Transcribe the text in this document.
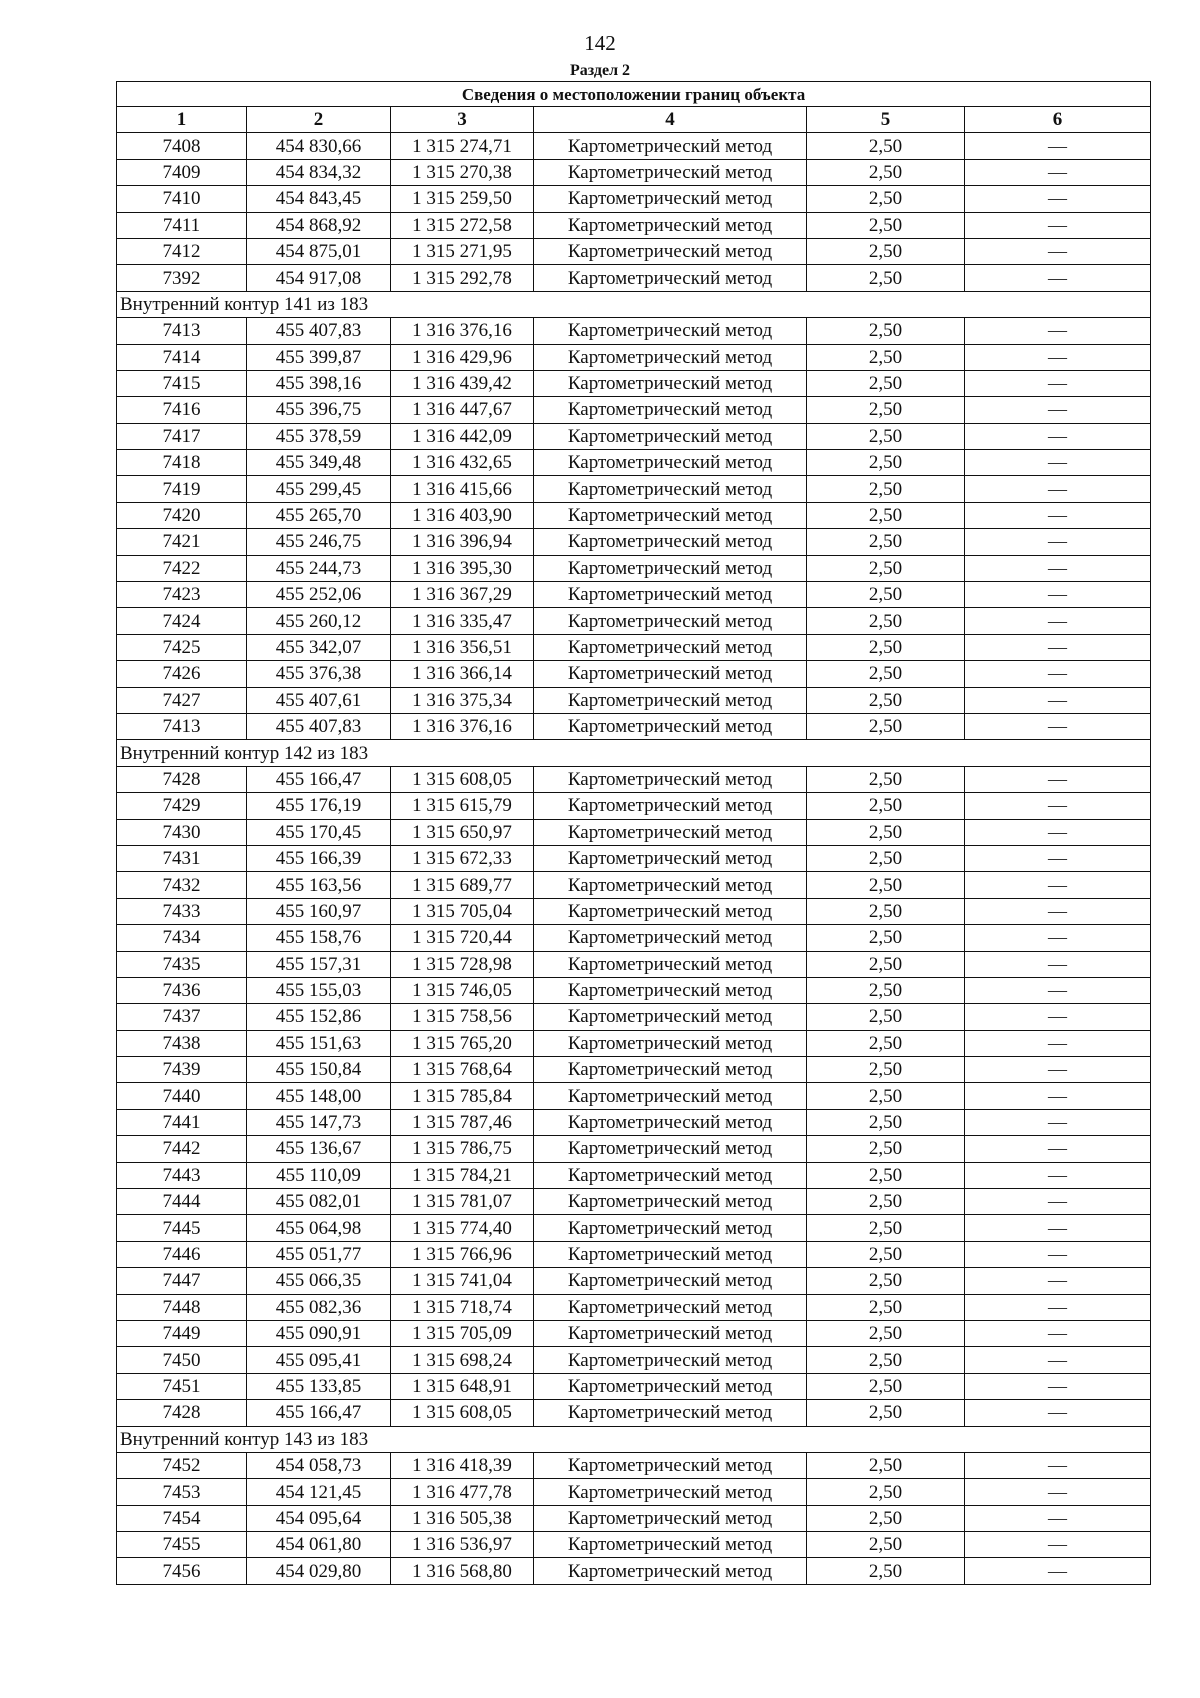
142
Раздел 2
Сведения о местоположении границ объекта					
1	2	3	4	5	6
7408	454 830,66	1 315 274,71	Картометрический метод	2,50	—
7409	454 834,32	1 315 270,38	Картометрический метод	2,50	—
7410	454 843,45	1 315 259,50	Картометрический метод	2,50	—
7411	454 868,92	1 315 272,58	Картометрический метод	2,50	—
7412	454 875,01	1 315 271,95	Картометрический метод	2,50	—
7392	454 917,08	1 315 292,78	Картометрический метод	2,50	—
Внутренний контур 141 из 183					
7413	455 407,83	1 316 376,16	Картометрический метод	2,50	—
7414	455 399,87	1 316 429,96	Картометрический метод	2,50	—
7415	455 398,16	1 316 439,42	Картометрический метод	2,50	—
7416	455 396,75	1 316 447,67	Картометрический метод	2,50	—
7417	455 378,59	1 316 442,09	Картометрический метод	2,50	—
7418	455 349,48	1 316 432,65	Картометрический метод	2,50	—
7419	455 299,45	1 316 415,66	Картометрический метод	2,50	—
7420	455 265,70	1 316 403,90	Картометрический метод	2,50	—
7421	455 246,75	1 316 396,94	Картометрический метод	2,50	—
7422	455 244,73	1 316 395,30	Картометрический метод	2,50	—
7423	455 252,06	1 316 367,29	Картометрический метод	2,50	—
7424	455 260,12	1 316 335,47	Картометрический метод	2,50	—
7425	455 342,07	1 316 356,51	Картометрический метод	2,50	—
7426	455 376,38	1 316 366,14	Картометрический метод	2,50	—
7427	455 407,61	1 316 375,34	Картометрический метод	2,50	—
7413	455 407,83	1 316 376,16	Картометрический метод	2,50	—
Внутренний контур 142 из 183					
7428	455 166,47	1 315 608,05	Картометрический метод	2,50	—
7429	455 176,19	1 315 615,79	Картометрический метод	2,50	—
7430	455 170,45	1 315 650,97	Картометрический метод	2,50	—
7431	455 166,39	1 315 672,33	Картометрический метод	2,50	—
7432	455 163,56	1 315 689,77	Картометрический метод	2,50	—
7433	455 160,97	1 315 705,04	Картометрический метод	2,50	—
7434	455 158,76	1 315 720,44	Картометрический метод	2,50	—
7435	455 157,31	1 315 728,98	Картометрический метод	2,50	—
7436	455 155,03	1 315 746,05	Картометрический метод	2,50	—
7437	455 152,86	1 315 758,56	Картометрический метод	2,50	—
7438	455 151,63	1 315 765,20	Картометрический метод	2,50	—
7439	455 150,84	1 315 768,64	Картометрический метод	2,50	—
7440	455 148,00	1 315 785,84	Картометрический метод	2,50	—
7441	455 147,73	1 315 787,46	Картометрический метод	2,50	—
7442	455 136,67	1 315 786,75	Картометрический метод	2,50	—
7443	455 110,09	1 315 784,21	Картометрический метод	2,50	—
7444	455 082,01	1 315 781,07	Картометрический метод	2,50	—
7445	455 064,98	1 315 774,40	Картометрический метод	2,50	—
7446	455 051,77	1 315 766,96	Картометрический метод	2,50	—
7447	455 066,35	1 315 741,04	Картометрический метод	2,50	—
7448	455 082,36	1 315 718,74	Картометрический метод	2,50	—
7449	455 090,91	1 315 705,09	Картометрический метод	2,50	—
7450	455 095,41	1 315 698,24	Картометрический метод	2,50	—
7451	455 133,85	1 315 648,91	Картометрический метод	2,50	—
7428	455 166,47	1 315 608,05	Картометрический метод	2,50	—
Внутренний контур 143 из 183					
7452	454 058,73	1 316 418,39	Картометрический метод	2,50	—
7453	454 121,45	1 316 477,78	Картометрический метод	2,50	—
7454	454 095,64	1 316 505,38	Картометрический метод	2,50	—
7455	454 061,80	1 316 536,97	Картометрический метод	2,50	—
7456	454 029,80	1 316 568,80	Картометрический метод	2,50	—
